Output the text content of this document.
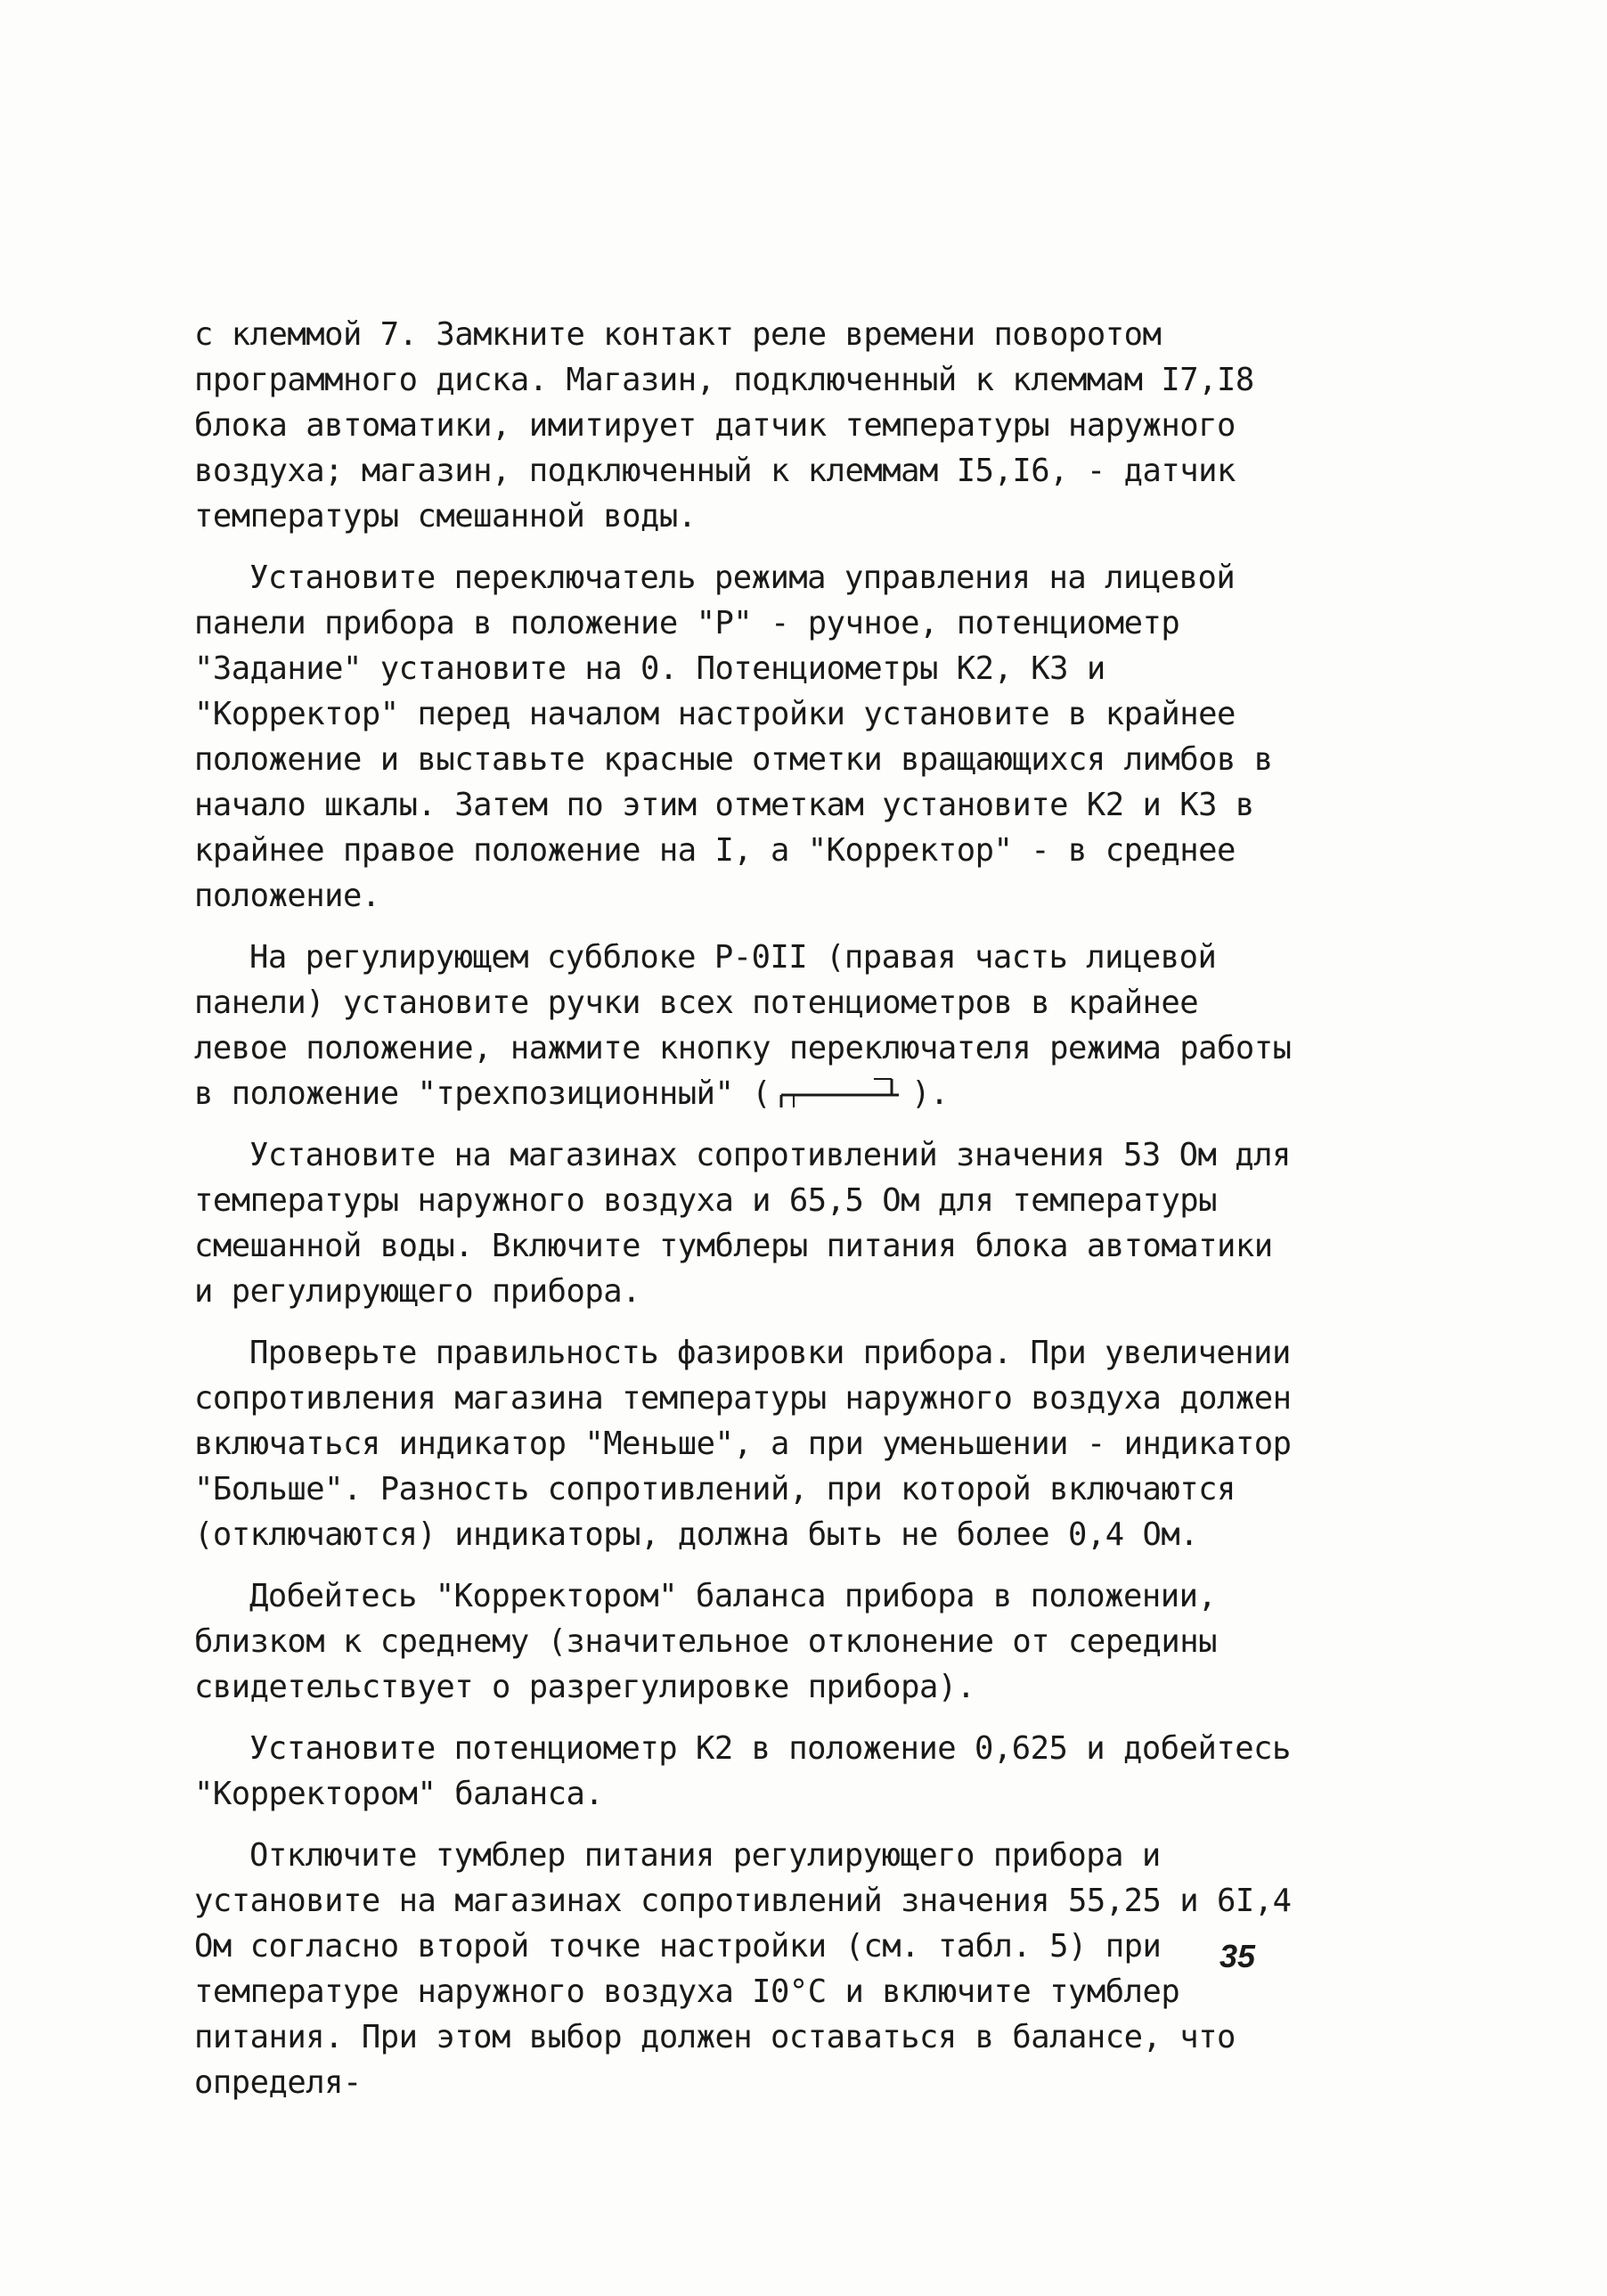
с клеммой 7. Замкните контакт реле времени поворотом программного диска. Магазин, подключенный к клеммам I7,I8 блока автоматики, имитирует датчик температуры наружного воздуха; магазин, подключенный к клеммам I5,I6, - датчик температуры смешанной воды.

Установите переключатель режима управления на лицевой панели прибора в положение "Р" - ручное, потенциометр "Задание" установите на 0. Потенциометры К2, К3 и "Корректор" перед началом настройки установите в крайнее положение и выставьте красные отметки вращающихся лимбов в начало шкалы. Затем по этим отметкам установите К2 и К3 в крайнее правое положение на I, а "Корректор" - в среднее положение.

На регулирующем субблоке Р-0II (правая часть лицевой панели) установите ручки всех потенциометров в крайнее левое положение, нажмите кнопку переключателя режима работы в положение "трехпозиционный" (	).

Установите на магазинах сопротивлений значения 53 Ом для температуры наружного воздуха и 65,5 Ом для температуры смешанной воды. Включите тумблеры питания блока автоматики и регулирующего прибора.

Проверьте правильность фазировки прибора. При увеличении сопротивления магазина температуры наружного воздуха должен включаться индикатор "Меньше", а при уменьшении - индикатор "Больше". Разность сопротивлений, при которой включаются (отключаются) индикаторы, должна быть не более 0,4 Ом.

Добейтесь "Корректором" баланса прибора в положении, близком к среднему (значительное отклонение от середины свидетельствует о разрегулировке прибора).

Установите потенциометр К2 в положение 0,625 и добейтесь "Корректором" баланса.

Отключите тумблер питания регулирующего прибора и установите на магазинах сопротивлений значения 55,25 и 6I,4 Ом согласно второй точке настройки (см. табл. 5) при температуре наружного воздуха I0°С и включите тумблер питания. При этом выбор должен оставаться в балансе, что определя-

35
